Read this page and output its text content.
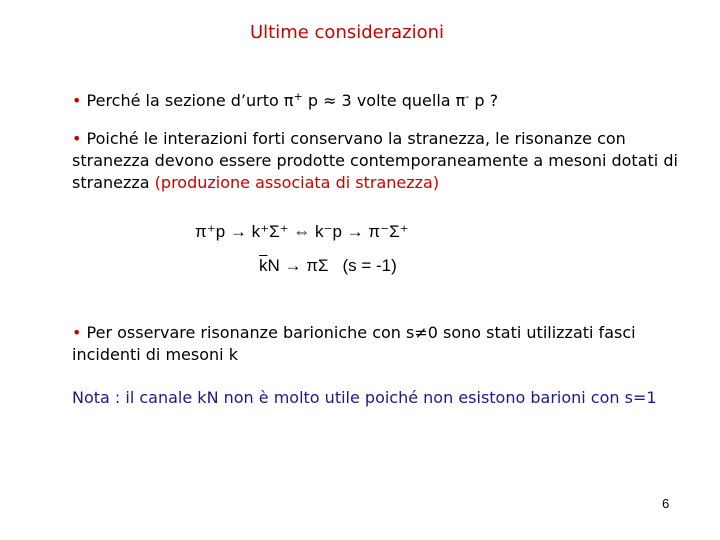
Ultime considerazioni
• Perché la sezione d’urto π+ p ≈ 3 volte quella π- p ?
• Poiché le interazioni forti conservano la stranezza, le risonanze con stranezza devono essere prodotte contemporaneamente a mesoni dotati di stranezza (produzione associata di stranezza)
π⁺p → k⁺Σ⁺ ⇔ k⁻p → π⁻Σ⁺
$\overline{k}N \to \pi\Sigma$ (s = -1)
• Per osservare risonanze barioniche con s≠0 sono stati utilizzati fasci incidenti di mesoni k
Nota : il canale kN non è molto utile poiché non esistono barioni con s=1
6
